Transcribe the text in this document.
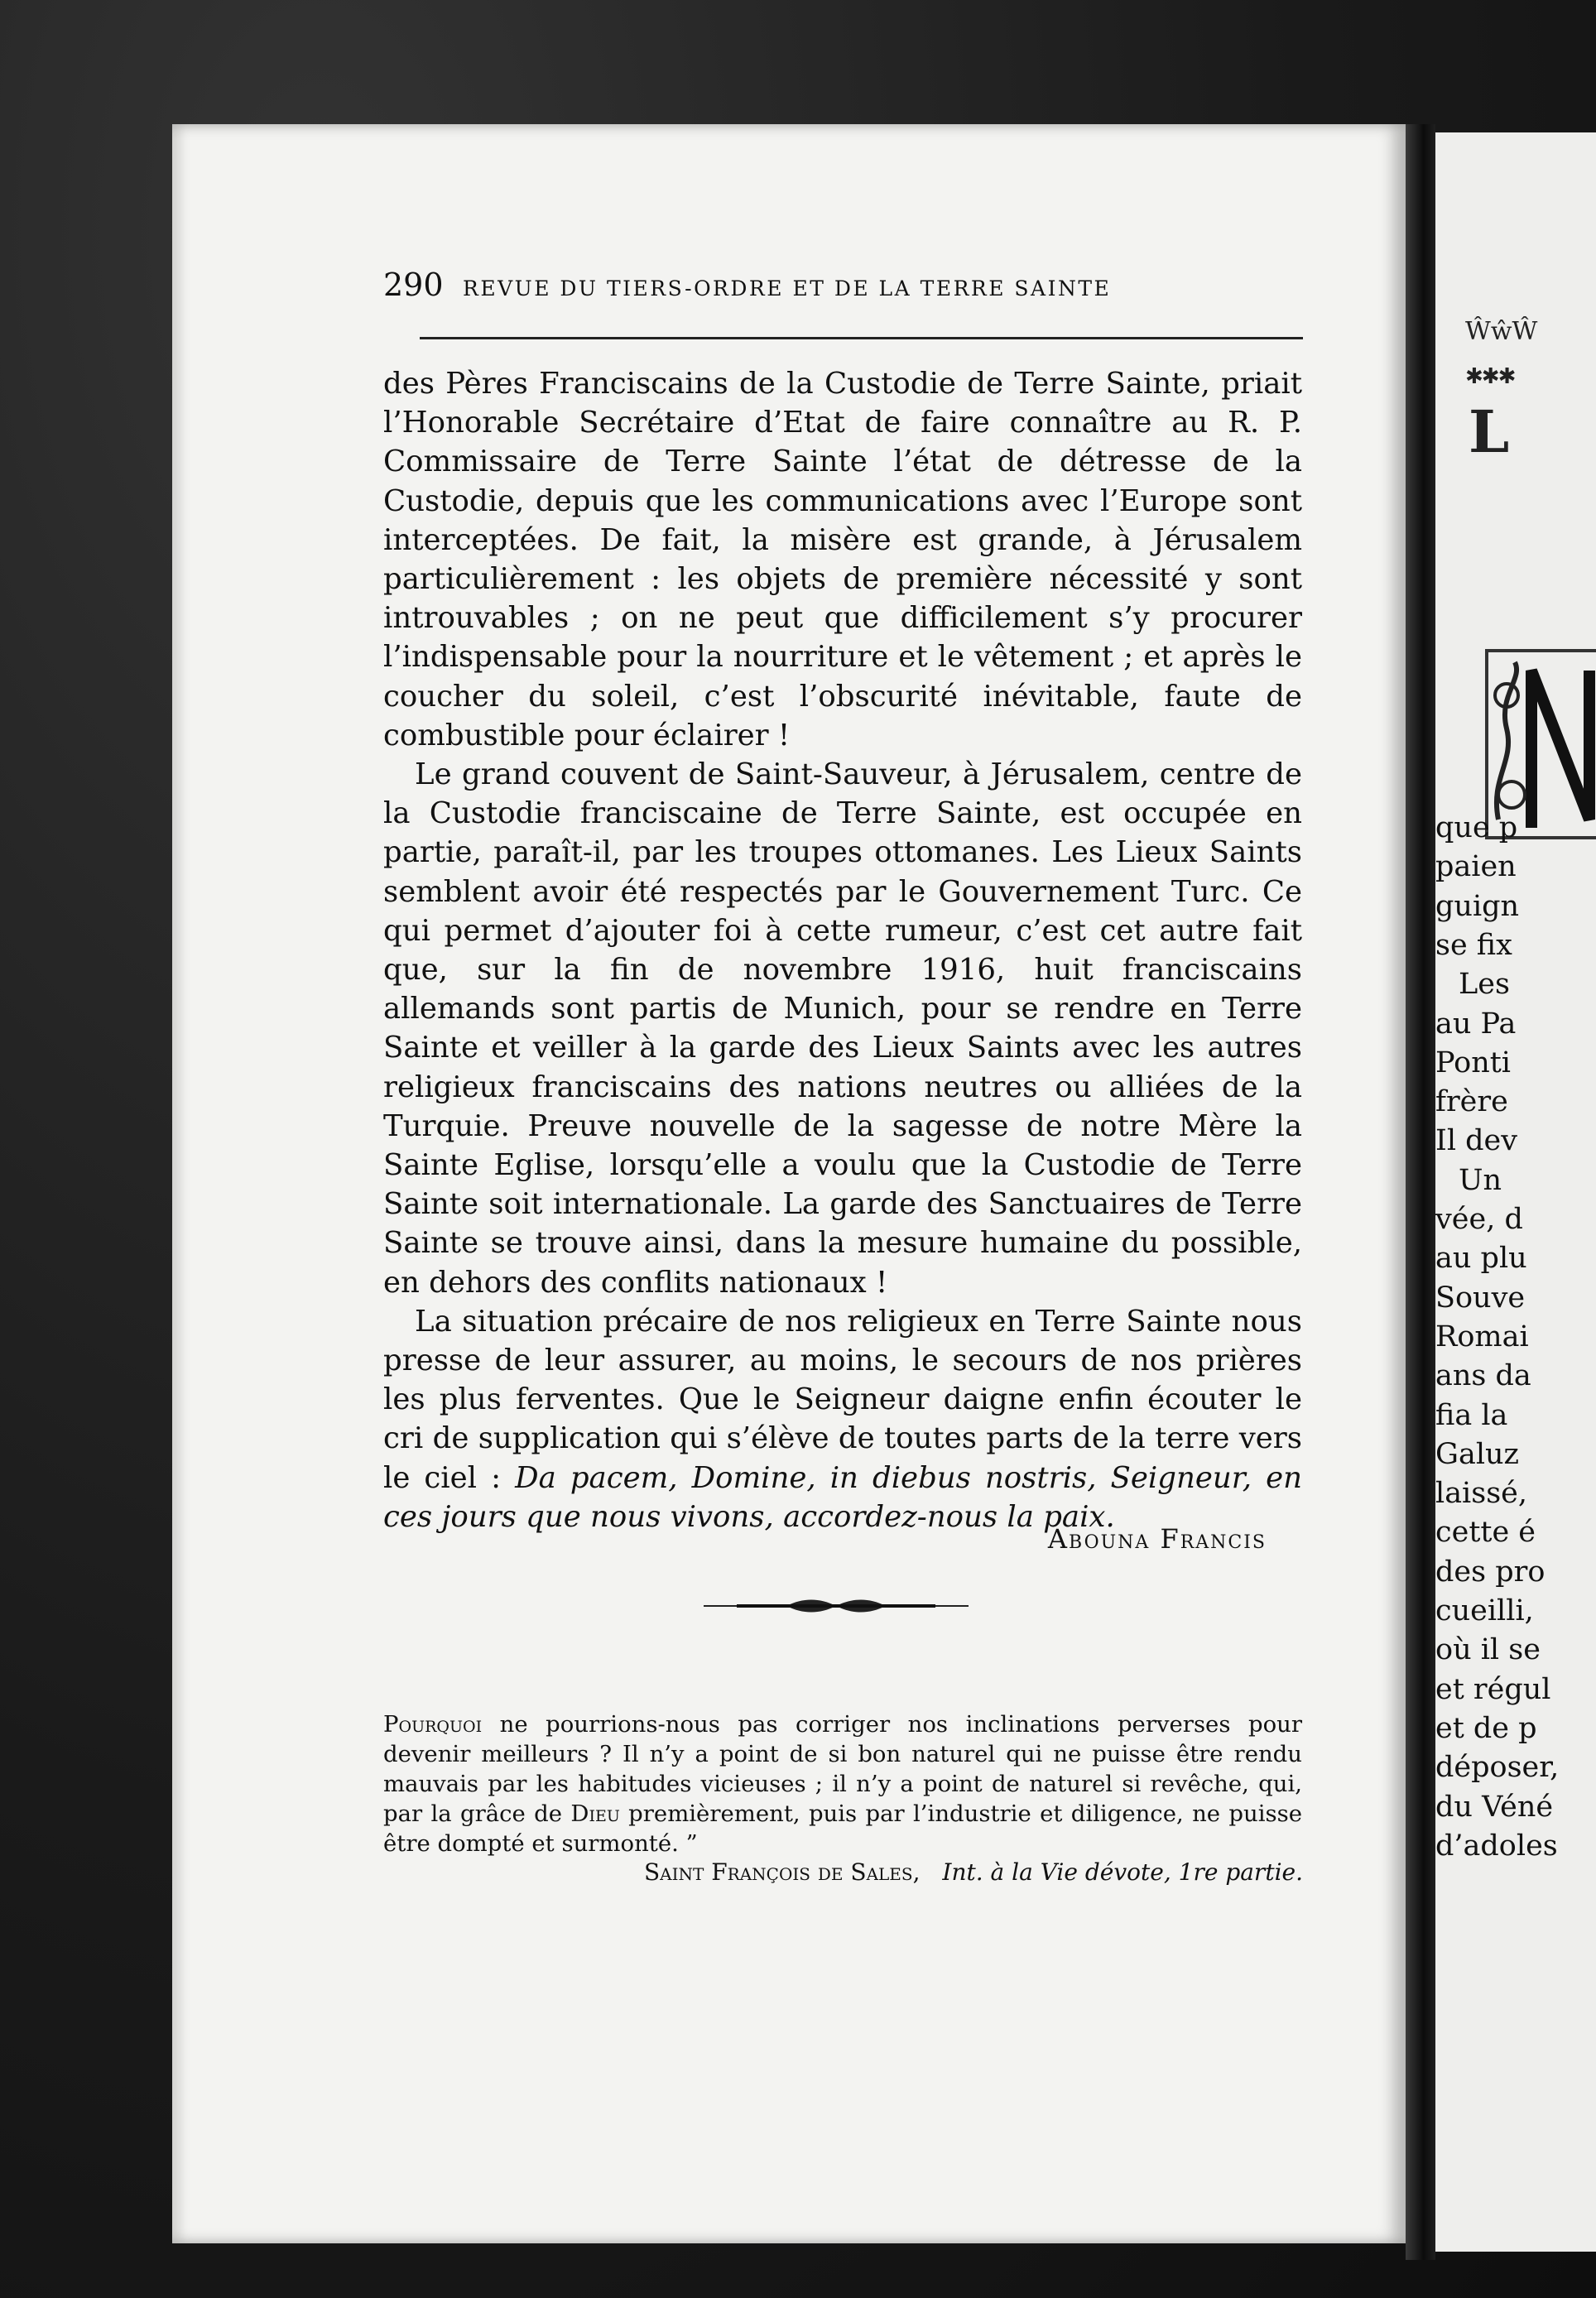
ŴŵŴ
✱✱✱
L
que p
paien
guign
se fix
Les
au Pa
Ponti
frère
Il dev
Un
vée, d
au plu
Souve
Romai
ans da
fia la
Galuz
laissé,
cette é
des pro
cueilli,
où il se
et régul
et de p
déposer,
du Véné
d’adoles
290 REVUE DU TIERS-ORDRE ET DE LA TERRE SAINTE

des Pères Franciscains de la Custodie de Terre Sainte, priait l’Honorable Secrétaire d’Etat de faire connaître au R. P. Commissaire de Terre Sainte l’état de détresse de la Custodie, depuis que les communications avec l’Europe sont interceptées. De fait, la misère est grande, à Jérusalem particulièrement : les objets de première nécessité y sont introuvables ; on ne peut que difficilement s’y procurer l’indispensable pour la nourriture et le vêtement ; et après le coucher du soleil, c’est l’obscurité inévitable, faute de combustible pour éclairer !

Le grand couvent de Saint-Sauveur, à Jérusalem, centre de la Custodie franciscaine de Terre Sainte, est occupée en partie, paraît-il, par les troupes ottomanes. Les Lieux Saints semblent avoir été respectés par le Gouvernement Turc. Ce qui permet d’ajouter foi à cette rumeur, c’est cet autre fait que, sur la fin de novembre 1916, huit franciscains allemands sont partis de Munich, pour se rendre en Terre Sainte et veiller à la garde des Lieux Saints avec les autres religieux franciscains des nations neutres ou alliées de la Turquie. Preuve nouvelle de la sagesse de notre Mère la Sainte Eglise, lorsqu’elle a voulu que la Custodie de Terre Sainte soit internationale. La garde des Sanctuaires de Terre Sainte se trouve ainsi, dans la mesure humaine du possible, en dehors des conflits nationaux !

La situation précaire de nos religieux en Terre Sainte nous presse de leur assurer, au moins, le secours de nos prières les plus ferventes. Que le Seigneur daigne enfin écouter le cri de supplication qui s’élève de toutes parts de la terre vers le ciel : Da pacem, Domine, in diebus nostris, Seigneur, en ces jours que nous vivons, accordez-nous la paix.

Abouna Francis

Pourquoi ne pourrions-nous pas corriger nos inclinations perverses pour devenir meilleurs ? Il n’y a point de si bon naturel qui ne puisse être rendu mauvais par les habitudes vicieuses ; il n’y a point de naturel si revêche, qui, par la grâce de Dieu premièrement, puis par l’industrie et diligence, ne puisse être dompté et surmonté. ”

Saint François de Sales, Int. à la Vie dévote, 1re partie.
